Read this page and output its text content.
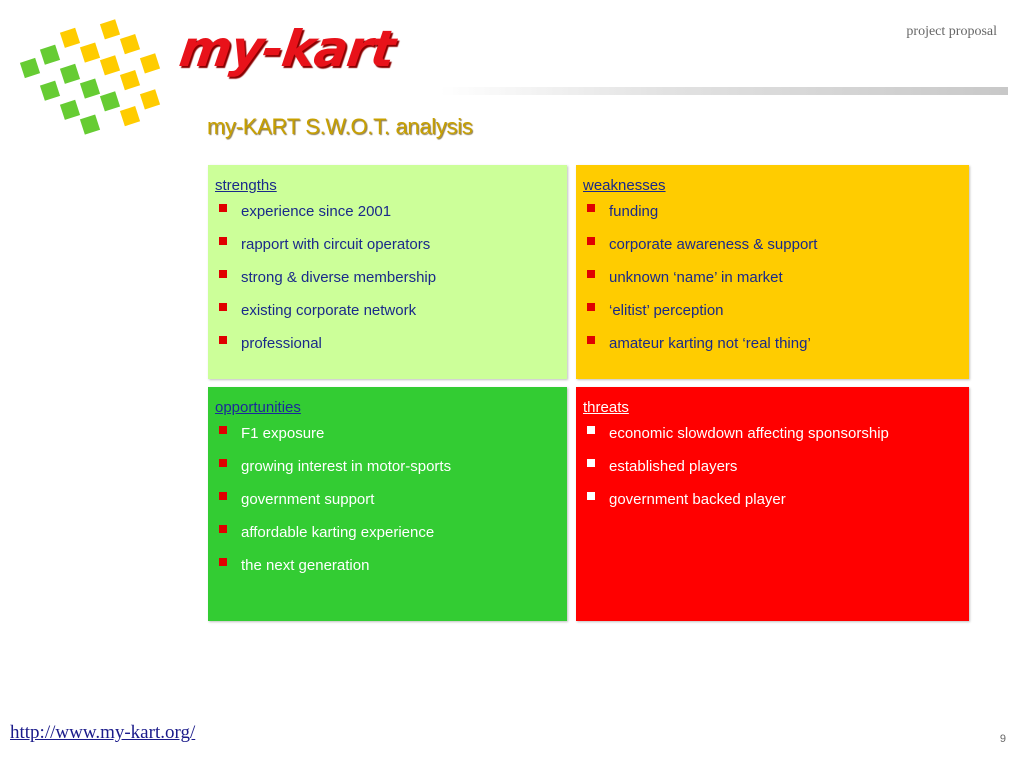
my-kart	project proposal
my-KART S.W.O.T. analysis
strengths
experience since 2001
rapport with circuit operators
strong & diverse membership
existing corporate network
professional
weaknesses
funding
corporate awareness & support
unknown ‘name’ in market
‘elitist’ perception
amateur karting not ‘real thing’
opportunities
F1 exposure
growing interest in motor-sports
government support
affordable karting experience
the next generation
threats
economic slowdown affecting sponsorship
established players
government backed player
http://www.my-kart.org/	9
